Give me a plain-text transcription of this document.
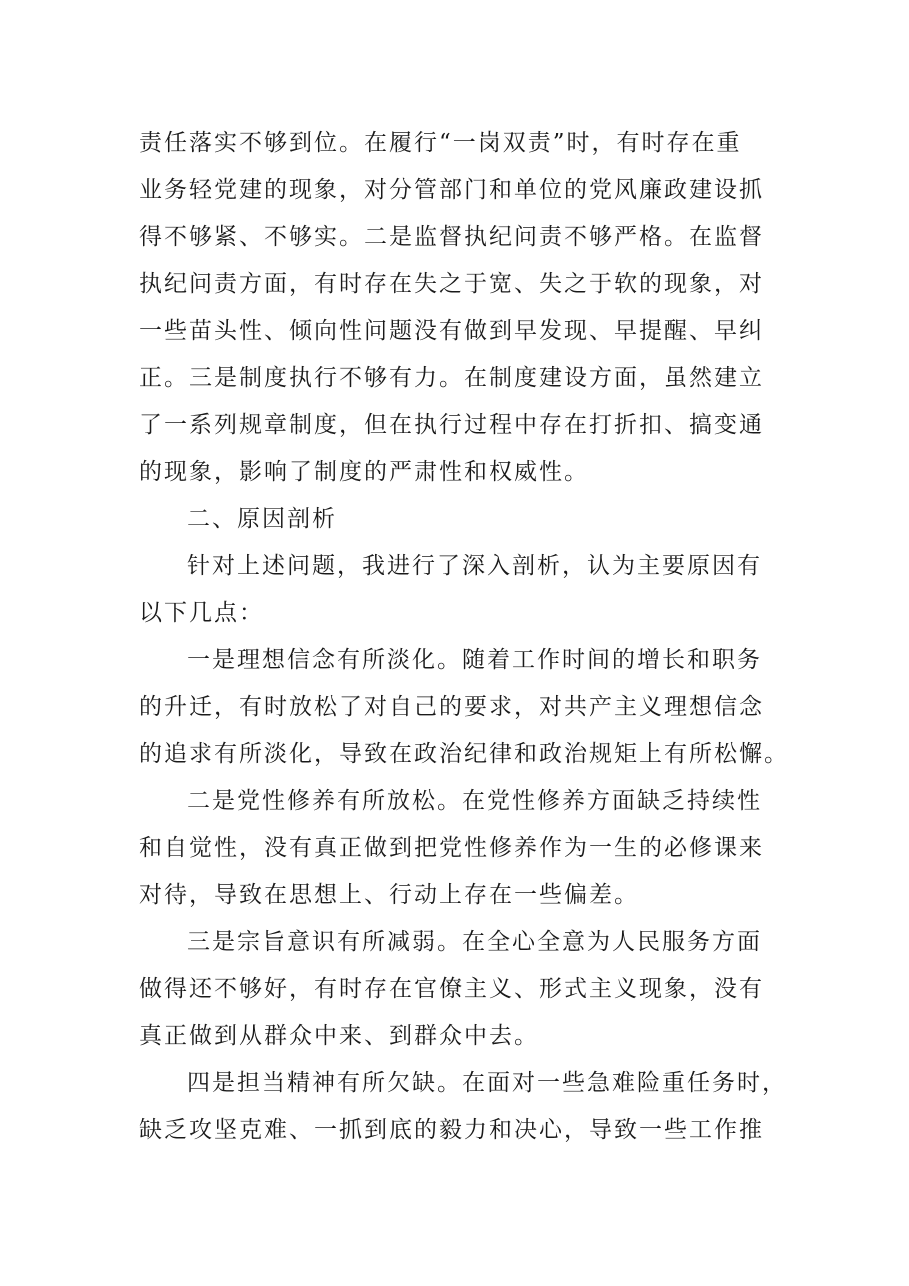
责任落实不够到位。在履行“一岗双责”时，有时存在重
业务轻党建的现象，对分管部门和单位的党风廉政建设抓
得不够紧、不够实。二是监督执纪问责不够严格。在监督
执纪问责方面，有时存在失之于宽、失之于软的现象，对
一些苗头性、倾向性问题没有做到早发现、早提醒、早纠
正。三是制度执行不够有力。在制度建设方面，虽然建立
了一系列规章制度，但在执行过程中存在打折扣、搞变通
的现象，影响了制度的严肃性和权威性。
二、原因剖析
针对上述问题，我进行了深入剖析，认为主要原因有
以下几点：
一是理想信念有所淡化。随着工作时间的增长和职务
的升迁，有时放松了对自己的要求，对共产主义理想信念
的追求有所淡化，导致在政治纪律和政治规矩上有所松懈。
二是党性修养有所放松。在党性修养方面缺乏持续性
和自觉性，没有真正做到把党性修养作为一生的必修课来
对待，导致在思想上、行动上存在一些偏差。
三是宗旨意识有所减弱。在全心全意为人民服务方面
做得还不够好，有时存在官僚主义、形式主义现象，没有
真正做到从群众中来、到群众中去。
四是担当精神有所欠缺。在面对一些急难险重任务时，
缺乏攻坚克难、一抓到底的毅力和决心，导致一些工作推
